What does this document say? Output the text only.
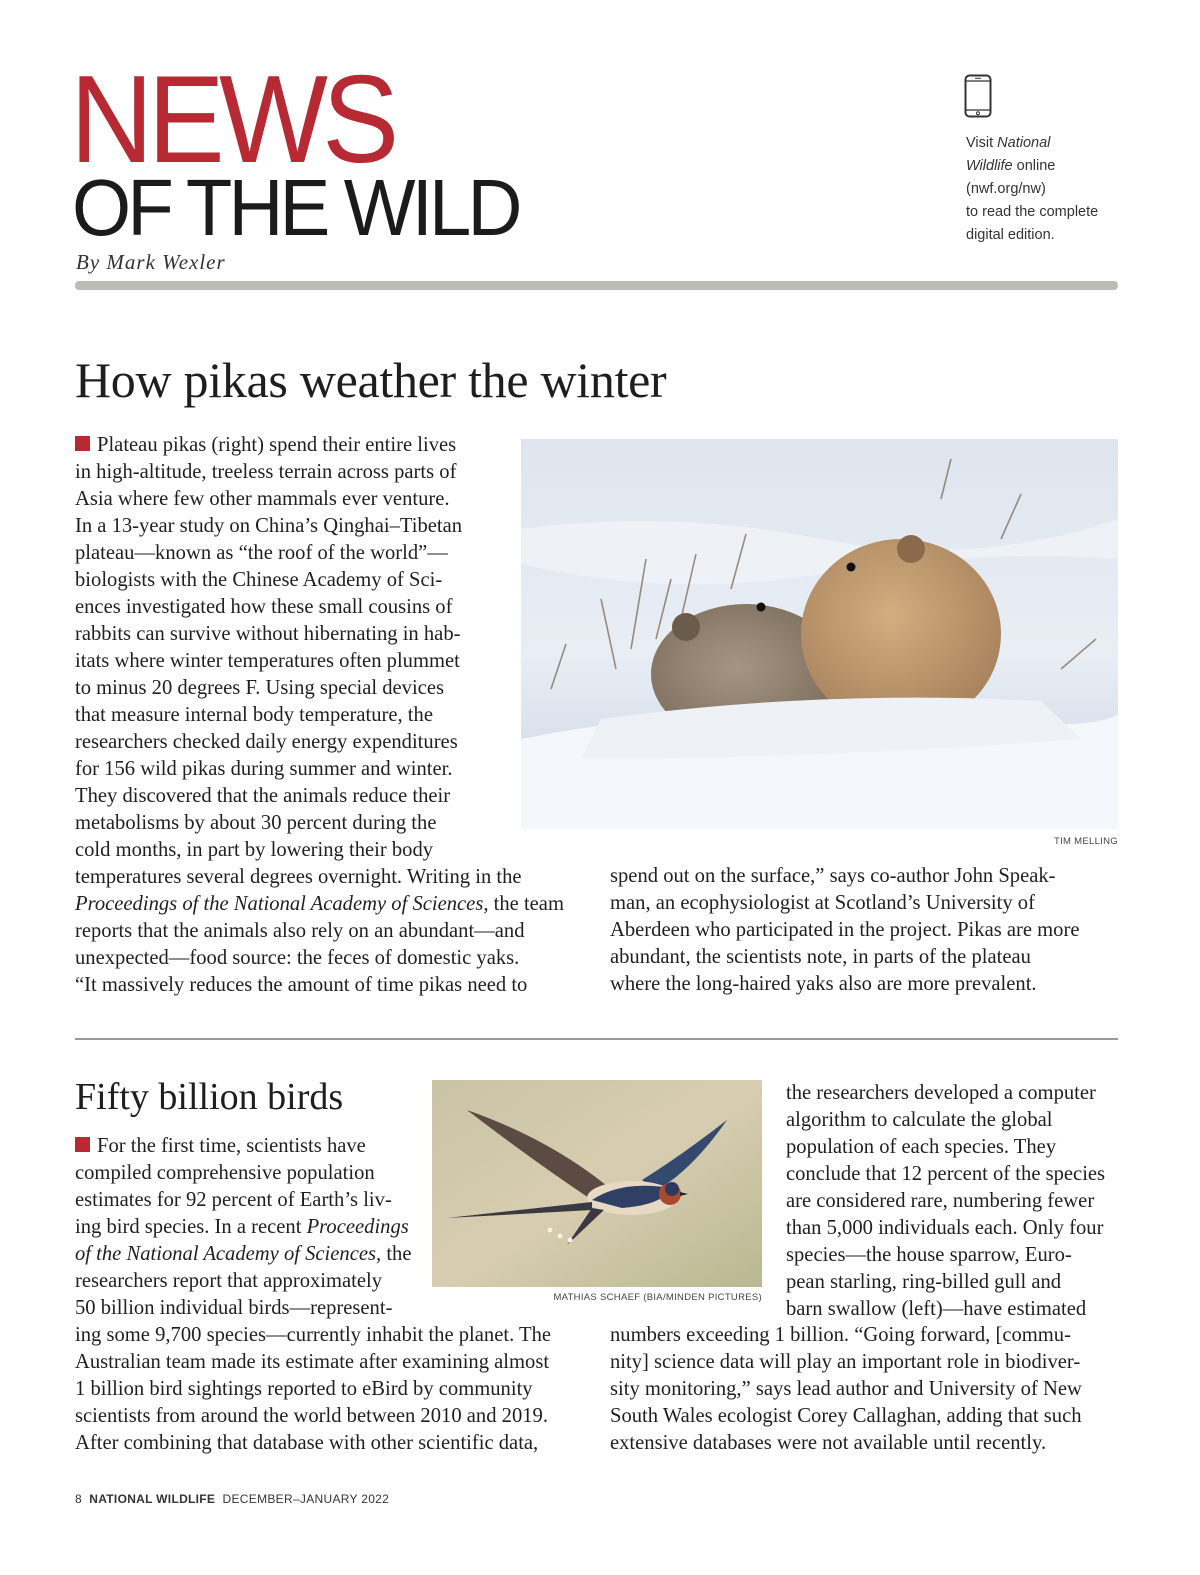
NEWS
OF THE WILD
By Mark Wexler
Visit National
Wildlife online
(nwf.org/nw)
to read the complete
digital edition.
How pikas weather the winter

Plateau pikas (right) spend their entire lives

in high-altitude, treeless terrain across parts of

Asia where few other mammals ever venture.

In a 13-year study on China’s Qinghai–Tibetan

plateau—known as “the roof of the world”—

biologists with the Chinese Academy of Sci-

ences investigated how these small cousins of

rabbits can survive without hibernating in hab-

itats where winter temperatures often plummet

to minus 20 degrees F. Using special devices

that measure internal body temperature, the

researchers checked daily energy expenditures

for 156 wild pikas during summer and winter.

They discovered that the animals reduce their

metabolisms by about 30 percent during the

cold months, in part by lowering their body

temperatures several degrees overnight. Writing in the

Proceedings of the National Academy of Sciences, the team

reports that the animals also rely on an abundant—and

unexpected—food source: the feces of domestic yaks.

“It massively reduces the amount of time pikas need to

spend out on the surface,” says co-author John Speak-

man, an ecophysiologist at Scotland’s University of

Aberdeen who participated in the project. Pikas are more

abundant, the scientists note, in parts of the plateau

where the long-haired yaks also are more prevalent.

TIM MELLING
Fifty billion birds

For the first time, scientists have

compiled comprehensive population

estimates for 92 percent of Earth’s liv-

ing bird species. In a recent Proceedings

of the National Academy of Sciences, the

researchers report that approximately

50 billion individual birds—represent-

ing some 9,700 species—currently inhabit the planet. The

Australian team made its estimate after examining almost

1 billion bird sightings reported to eBird by community

scientists from around the world between 2010 and 2019.

After combining that database with other scientific data,

the researchers developed a computer

algorithm to calculate the global

population of each species. They

conclude that 12 percent of the species

are considered rare, numbering fewer

than 5,000 individuals each. Only four

species—the house sparrow, Euro-

pean starling, ring-billed gull and

barn swallow (left)—have estimated

numbers exceeding 1 billion. “Going forward, [commu-

nity] science data will play an important role in biodiver-

sity monitoring,” says lead author and University of New

South Wales ecologist Corey Callaghan, adding that such

extensive databases were not available until recently.

MATHIAS SCHAEF (BIA/MINDEN PICTURES)
8 NATIONAL WILDLIFE DECEMBER–JANUARY 2022
